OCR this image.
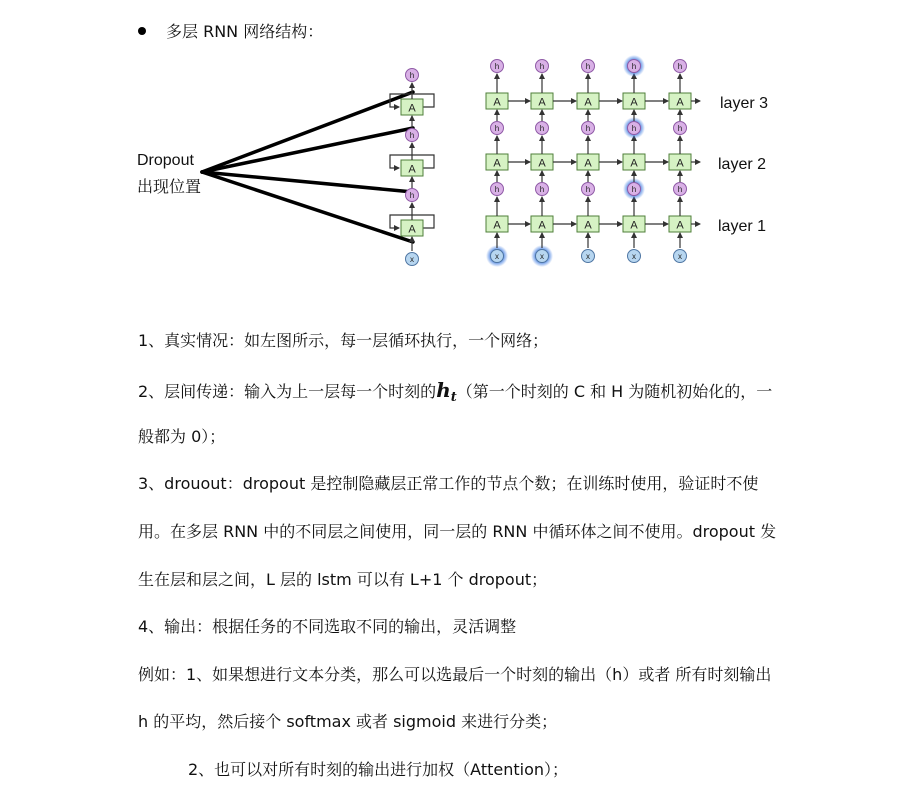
多层 RNN 网络结构：
Dropout
出现位置
x
A
h
A
h
A
h
x
A
h
A
h
A
h
x
A
h
A
h
A
h
x
A
h
A
h
A
h
x
A
h
A
h
A
h
x
A
h
A
h
A
h
layer 3
layer 2
layer 1
1、真实情况：如左图所示，每一层循环执行，一个网络；
2、层间传递：输入为上一层每一个时刻的$h_t$（第一个时刻的 C 和 H 为随机初始化的，一
般都为 0）；
3、drouout：dropout 是控制隐藏层正常工作的节点个数；在训练时使用，验证时不使
用。在多层 RNN 中的不同层之间使用，同一层的 RNN 中循环体之间不使用。dropout 发
生在层和层之间，L 层的 lstm 可以有 L+1 个 dropout；
4、输出：根据任务的不同选取不同的输出，灵活调整
例如：1、如果想进行文本分类，那么可以选最后一个时刻的输出（h）或者 所有时刻输出
h 的平均，然后接个 softmax 或者 sigmoid 来进行分类；
2、也可以对所有时刻的输出进行加权（Attention）；
